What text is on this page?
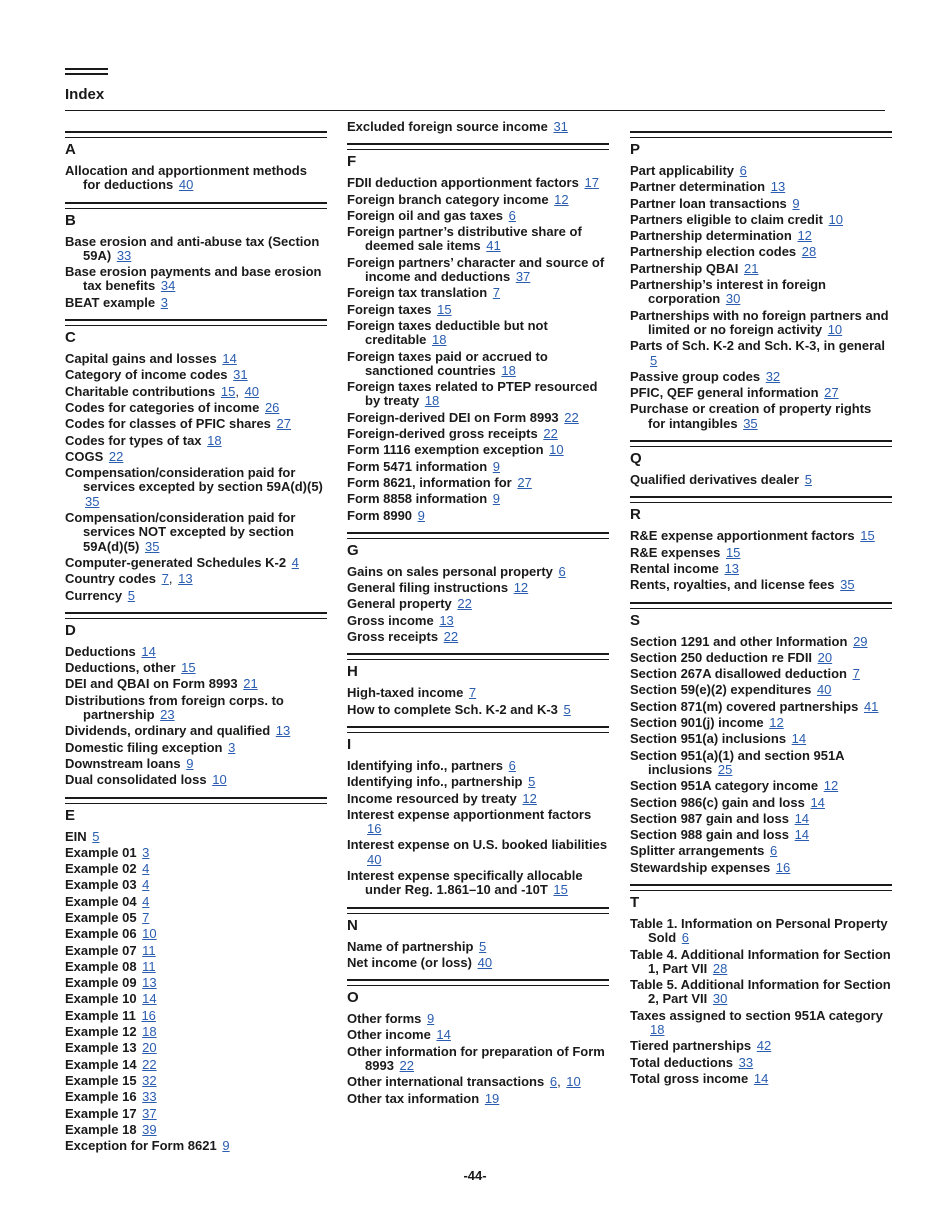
Index
A
Allocation and apportionment methods for deductions 40
B
Base erosion and anti-abuse tax (Section 59A) 33
Base erosion payments and base erosion tax benefits 34
BEAT example 3
C
Capital gains and losses 14
Category of income codes 31
Charitable contributions 15, 40
Codes for categories of income 26
Codes for classes of PFIC shares 27
Codes for types of tax 18
COGS 22
Compensation/consideration paid for services excepted by section 59A(d)(5) 35
Compensation/consideration paid for services NOT excepted by section 59A(d)(5) 35
Computer-generated Schedules K-2 4
Country codes 7, 13
Currency 5
D
Deductions 14
Deductions, other 15
DEI and QBAI on Form 8993 21
Distributions from foreign corps. to partnership 23
Dividends, ordinary and qualified 13
Domestic filing exception 3
Downstream loans 9
Dual consolidated loss 10
E
EIN 5
Example 01 3
Example 02 4
Example 03 4
Example 04 4
Example 05 7
Example 06 10
Example 07 11
Example 08 11
Example 09 13
Example 10 14
Example 11 16
Example 12 18
Example 13 20
Example 14 22
Example 15 32
Example 16 33
Example 17 37
Example 18 39
Exception for Form 8621 9
Excluded foreign source income 31
F
FDII deduction apportionment factors 17
Foreign branch category income 12
Foreign oil and gas taxes 6
Foreign partner’s distributive share of deemed sale items 41
Foreign partners’ character and source of income and deductions 37
Foreign tax translation 7
Foreign taxes 15
Foreign taxes deductible but not creditable 18
Foreign taxes paid or accrued to sanctioned countries 18
Foreign taxes related to PTEP resourced by treaty 18
Foreign-derived DEI on Form 8993 22
Foreign-derived gross receipts 22
Form 1116 exemption exception 10
Form 5471 information 9
Form 8621, information for 27
Form 8858 information 9
Form 8990 9
G
Gains on sales personal property 6
General filing instructions 12
General property 22
Gross income 13
Gross receipts 22
H
High-taxed income 7
How to complete Sch. K-2 and K-3 5
I
Identifying info., partners 6
Identifying info., partnership 5
Income resourced by treaty 12
Interest expense apportionment factors 16
Interest expense on U.S. booked liabilities 40
Interest expense specifically allocable under Reg. 1.861–10 and -10T 15
N
Name of partnership 5
Net income (or loss) 40
O
Other forms 9
Other income 14
Other information for preparation of Form 8993 22
Other international transactions 6, 10
Other tax information 19
P
Part applicability 6
Partner determination 13
Partner loan transactions 9
Partners eligible to claim credit 10
Partnership determination 12
Partnership election codes 28
Partnership QBAI 21
Partnership’s interest in foreign corporation 30
Partnerships with no foreign partners and limited or no foreign activity 10
Parts of Sch. K-2 and Sch. K-3, in general 5
Passive group codes 32
PFIC, QEF general information 27
Purchase or creation of property rights for intangibles 35
Q
Qualified derivatives dealer 5
R
R&E expense apportionment factors 15
R&E expenses 15
Rental income 13
Rents, royalties, and license fees 35
S
Section 1291 and other Information 29
Section 250 deduction re FDII 20
Section 267A disallowed deduction 7
Section 59(e)(2) expenditures 40
Section 871(m) covered partnerships 41
Section 901(j) income 12
Section 951(a) inclusions 14
Section 951(a)(1) and section 951A inclusions 25
Section 951A category income 12
Section 986(c) gain and loss 14
Section 987 gain and loss 14
Section 988 gain and loss 14
Splitter arrangements 6
Stewardship expenses 16
T
Table 1. Information on Personal Property Sold 6
Table 4. Additional Information for Section 1, Part VII 28
Table 5. Additional Information for Section 2, Part VII 30
Taxes assigned to section 951A category 18
Tiered partnerships 42
Total deductions 33
Total gross income 14
-44-
